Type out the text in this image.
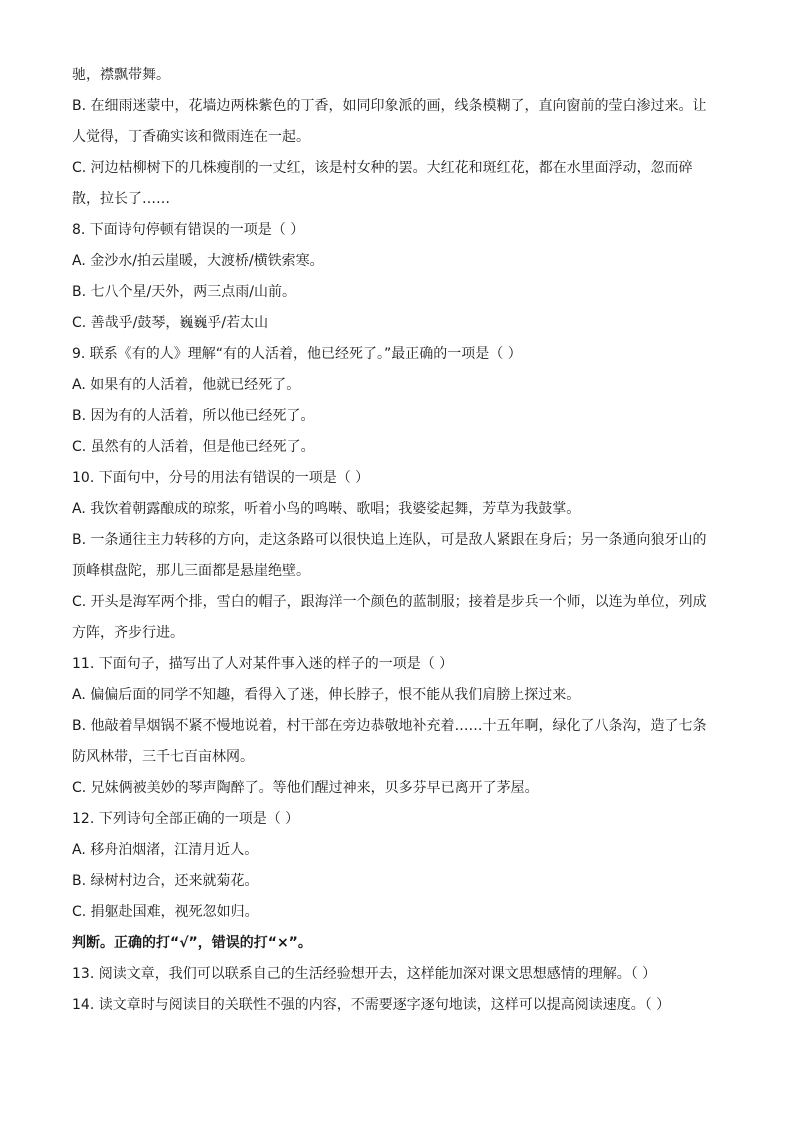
驰，襟飘带舞。
B. 在细雨迷蒙中，花墙边两株紫色的丁香，如同印象派的画，线条模糊了，直向窗前的莹白渗过来。让
人觉得，丁香确实该和微雨连在一起。
C. 河边枯柳树下的几株瘦削的一丈红，该是村女种的罢。大红花和斑红花，都在水里面浮动，忽而碎
散，拉长了……
8. 下面诗句停顿有错误的一项是（ ）
A. 金沙水/拍云崖暖，大渡桥/横铁索寒。
B. 七八个星/天外，两三点雨/山前。
C. 善哉乎/鼓琴，巍巍乎/若太山
9. 联系《有的人》理解“有的人活着，他已经死了。”最正确的一项是（ ）
A. 如果有的人活着，他就已经死了。
B. 因为有的人活着，所以他已经死了。
C. 虽然有的人活着，但是他已经死了。
10. 下面句中，分号的用法有错误的一项是（ ）
A. 我饮着朝露酿成的琼浆，听着小鸟的鸣啭、歌唱；我婆娑起舞，芳草为我鼓掌。
B. 一条通往主力转移的方向，走这条路可以很快追上连队，可是敌人紧跟在身后；另一条通向狼牙山的
顶峰棋盘陀，那儿三面都是悬崖绝壁。
C. 开头是海军两个排，雪白的帽子，跟海洋一个颜色的蓝制服；接着是步兵一个师，以连为单位，列成
方阵，齐步行进。
11. 下面句子，描写出了人对某件事入迷的样子的一项是（ ）
A. 偏偏后面的同学不知趣，看得入了迷，伸长脖子，恨不能从我们肩膀上探过来。
B. 他敲着旱烟锅不紧不慢地说着，村干部在旁边恭敬地补充着……十五年啊，绿化了八条沟，造了七条
防风林带，三千七百亩林网。
C. 兄妹俩被美妙的琴声陶醉了。等他们醒过神来，贝多芬早已离开了茅屋。
12. 下列诗句全部正确的一项是（ ）
A. 移舟泊烟渚，江清月近人。
B. 绿树村边合，还来就菊花。
C. 捐躯赴国难，视死忽如归。
判断。正确的打“√”，错误的打“×”。
13. 阅读文章，我们可以联系自己的生活经验想开去，这样能加深对课文思想感情的理解。（ ）
14. 读文章时与阅读目的关联性不强的内容，不需要逐字逐句地读，这样可以提高阅读速度。（ ）
